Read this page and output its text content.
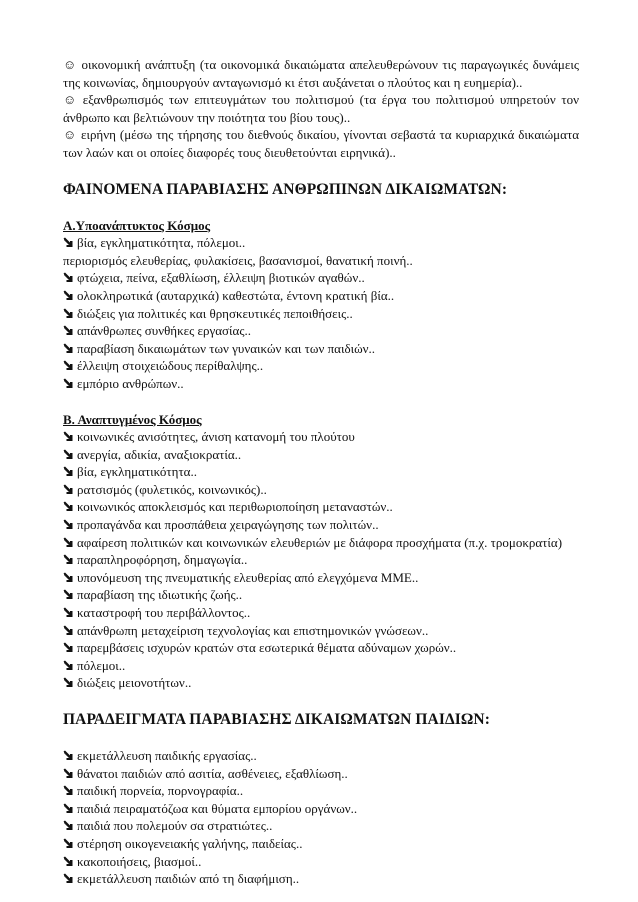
☺ οικονομική ανάπτυξη (τα οικονομικά δικαιώματα απελευθερώνουν τις παραγωγικές δυνάμεις της κοινωνίας, δημιουργούν ανταγωνισμό κι έτσι αυξάνεται ο πλούτος και η ευημερία)..

☺ εξανθρωπισμός των επιτευγμάτων του πολιτισμού (τα έργα του πολιτισμού υπηρετούν τον άνθρωπο και βελτιώνουν την ποιότητα του βίου τους)..

☺ ειρήνη (μέσω της τήρησης του διεθνούς δικαίου, γίνονται σεβαστά τα κυριαρχικά δικαιώματα των λαών και οι οποίες διαφορές τους διευθετούνται ειρηνικά)..

ΦΑΙΝΟΜΕΝΑ ΠΑΡΑΒΙΑΣΗΣ ΑΝΘΡΩΠΙΝΩΝ ΔΙΚΑΙΩΜΑΤΩΝ:

Α.Υποανάπτυκτος Κόσμος

βία, εγκληματικότητα, πόλεμοι..

περιορισμός ελευθερίας, φυλακίσεις, βασανισμοί, θανατική ποινή..

φτώχεια, πείνα, εξαθλίωση, έλλειψη βιοτικών αγαθών..

ολοκληρωτικά (αυταρχικά) καθεστώτα, έντονη κρατική βία..

διώξεις για πολιτικές και θρησκευτικές πεποιθήσεις..

απάνθρωπες συνθήκες εργασίας..

παραβίαση δικαιωμάτων των γυναικών και των παιδιών..

έλλειψη στοιχειώδους περίθαλψης..

εμπόριο ανθρώπων..

Β. Αναπτυγμένος Κόσμος

κοινωνικές ανισότητες, άνιση κατανομή του πλούτου

ανεργία, αδικία, αναξιοκρατία..

βία, εγκληματικότητα..

ρατσισμός (φυλετικός, κοινωνικός)..

κοινωνικός αποκλεισμός και περιθωριοποίηση μεταναστών..

προπαγάνδα και προσπάθεια χειραγώγησης των πολιτών..

αφαίρεση πολιτικών και κοινωνικών ελευθεριών με διάφορα προσχήματα (π.χ. τρομοκρατία)

παραπληροφόρηση, δημαγωγία..

υπονόμευση της πνευματικής ελευθερίας από ελεγχόμενα ΜΜΕ..

παραβίαση της ιδιωτικής ζωής..

καταστροφή του περιβάλλοντος..

απάνθρωπη μεταχείριση τεχνολογίας και επιστημονικών γνώσεων..

παρεμβάσεις ισχυρών κρατών στα εσωτερικά θέματα αδύναμων χωρών..

πόλεμοι..

διώξεις μειονοτήτων..

ΠΑΡΑΔΕΙΓΜΑΤΑ ΠΑΡΑΒΙΑΣΗΣ ΔΙΚΑΙΩΜΑΤΩΝ ΠΑΙΔΙΩΝ:

εκμετάλλευση παιδικής εργασίας..

θάνατοι παιδιών από ασιτία, ασθένειες, εξαθλίωση..

παιδική πορνεία, πορνογραφία..

παιδιά πειραματόζωα και θύματα εμπορίου οργάνων..

παιδιά που πολεμούν σα στρατιώτες..

στέρηση οικογενειακής γαλήνης, παιδείας..

κακοποιήσεις, βιασμοί..

εκμετάλλευση παιδιών από τη διαφήμιση..
